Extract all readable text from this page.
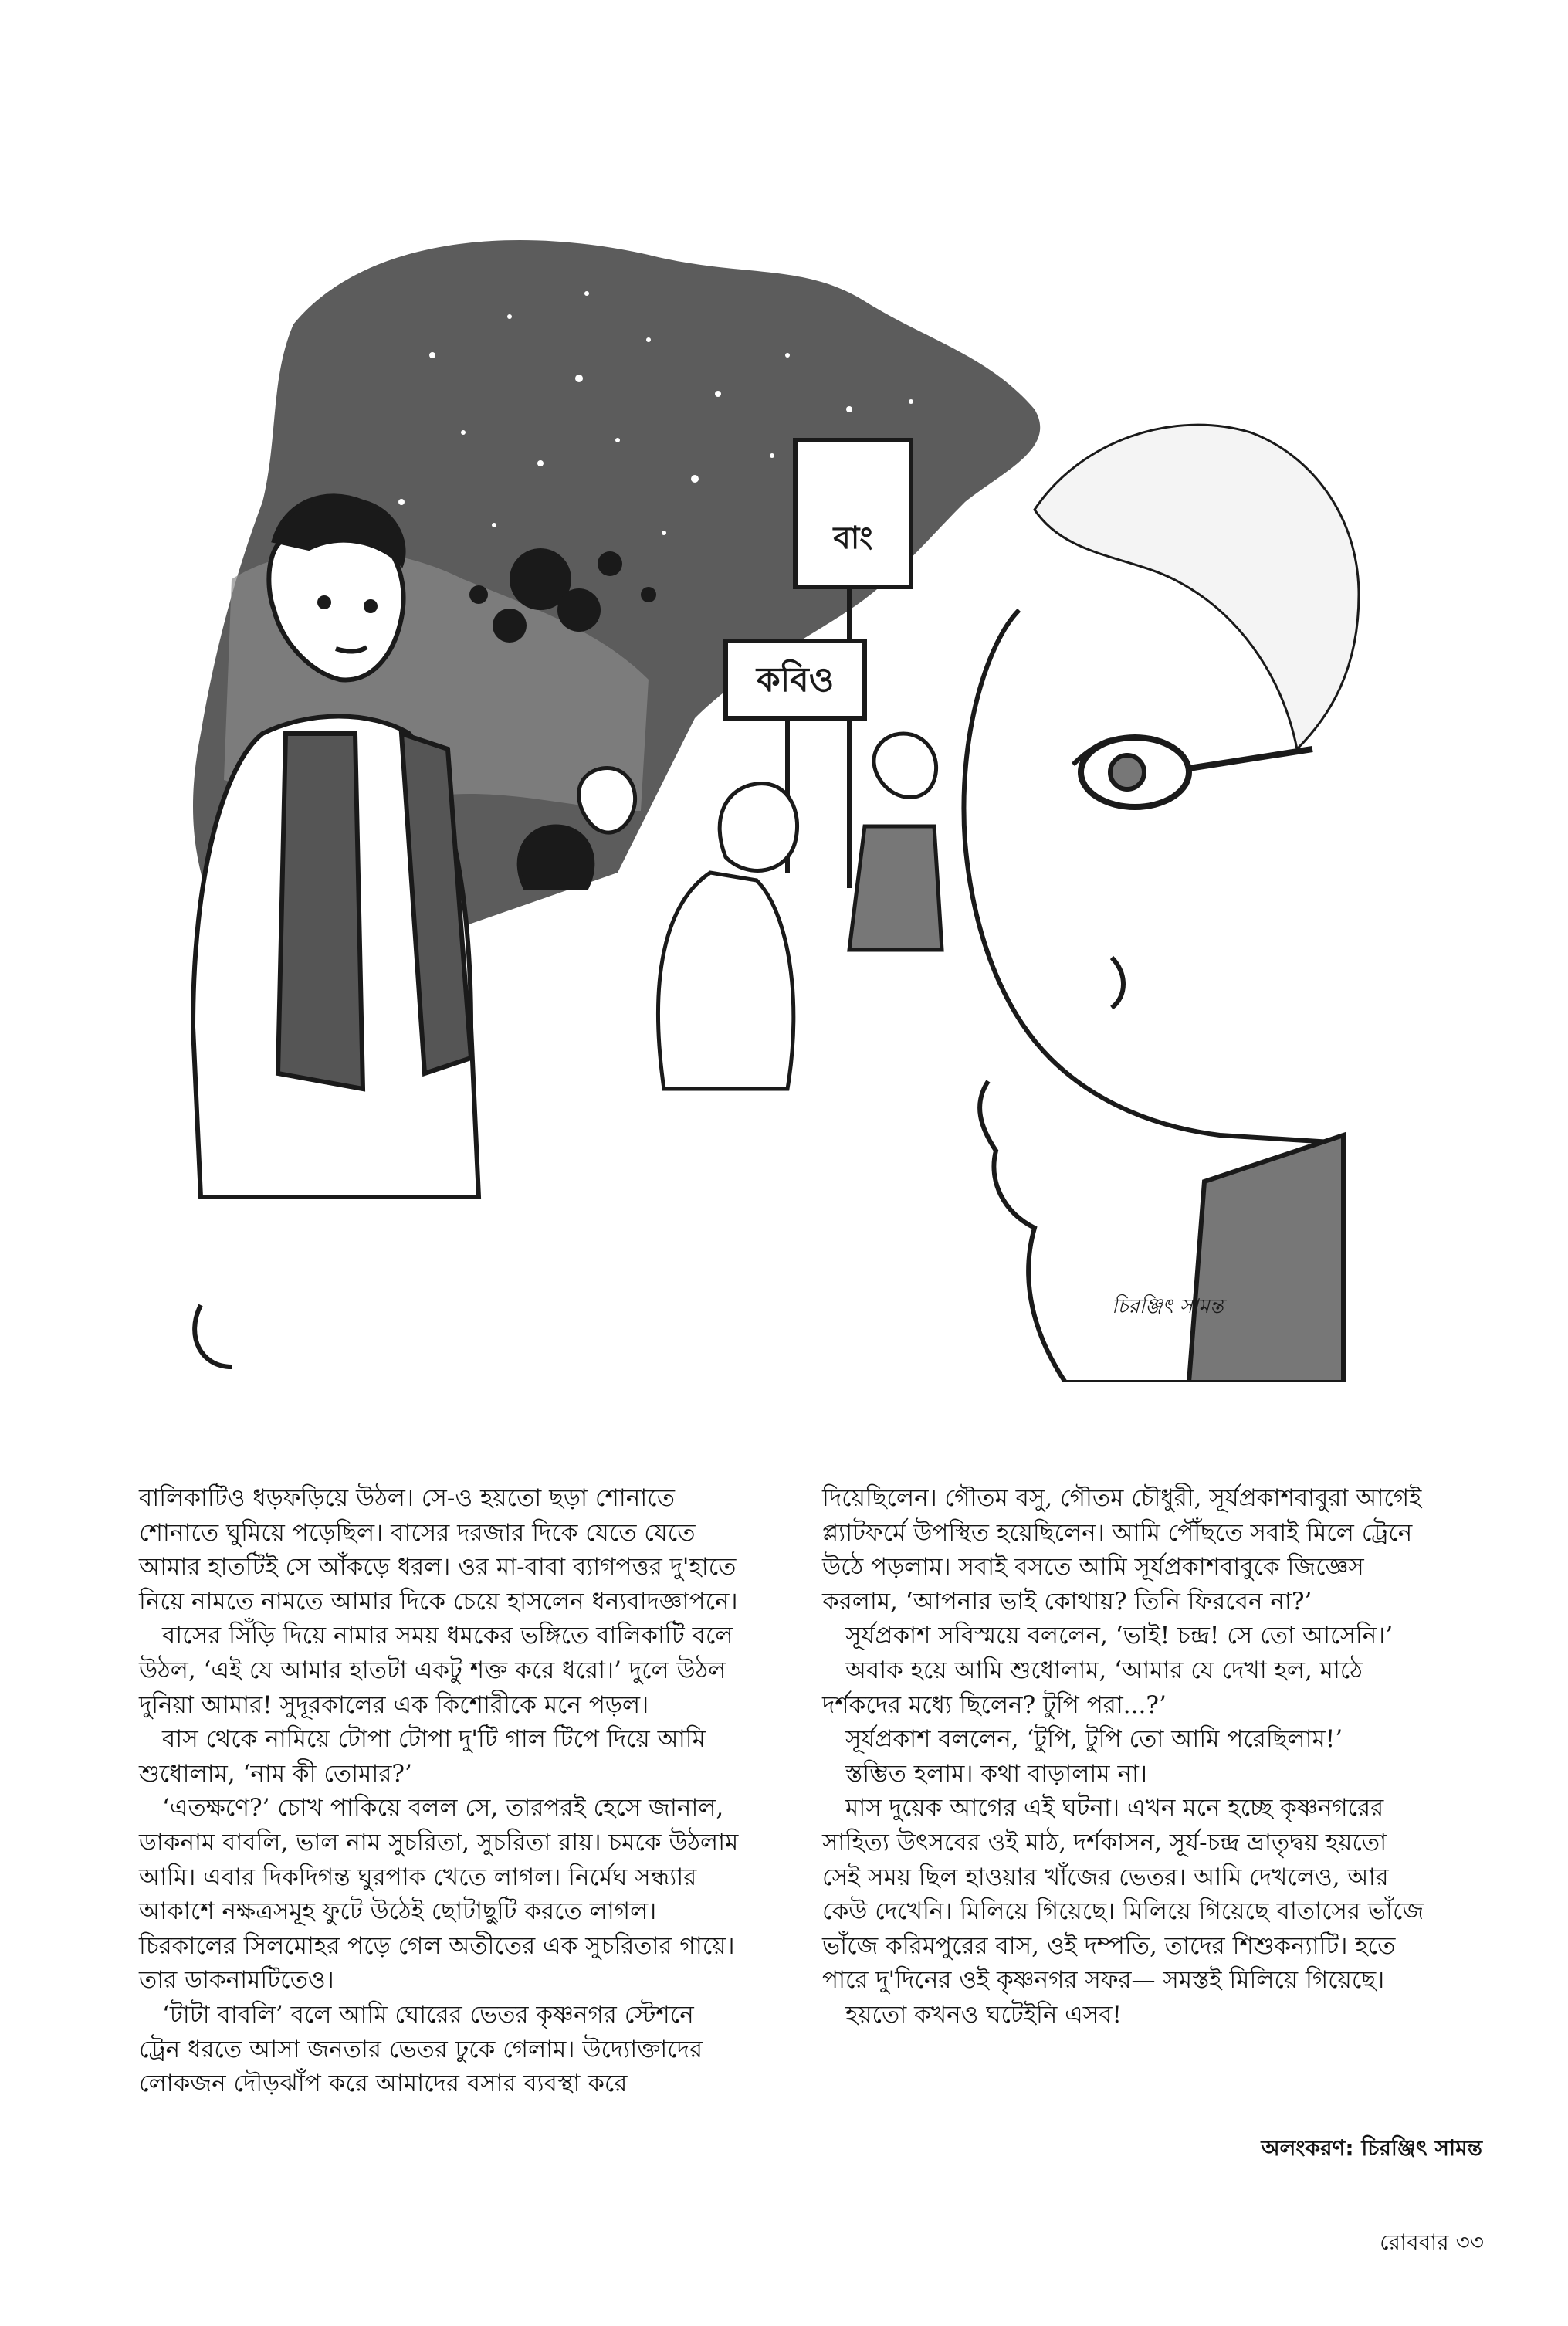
বাং
কবিও
চিরঞ্জিৎ সামন্ত

বালিকাটিও ধড়ফড়িয়ে উঠল। সে-ও হয়তো ছড়া শোনাতে শোনাতে ঘুমিয়ে পড়েছিল। বাসের দরজার দিকে যেতে যেতে আমার হাতটিই সে আঁকড়ে ধরল। ওর মা-বাবা ব্যাগপত্তর দু'হাতে নিয়ে নামতে নামতে আমার দিকে চেয়ে হাসলেন ধন্যবাদজ্ঞাপনে।

বাসের সিঁড়ি দিয়ে নামার সময় ধমকের ভঙ্গিতে বালিকাটি বলে উঠল, ‘এই যে আমার হাতটা একটু শক্ত করে ধরো।’ দুলে উঠল দুনিয়া আমার! সুদূরকালের এক কিশোরীকে মনে পড়ল।

বাস থেকে নামিয়ে টোপা টোপা দু'টি গাল টিপে দিয়ে আমি শুধোলাম, ‘নাম কী তোমার?’

‘এতক্ষণে?’ চোখ পাকিয়ে বলল সে, তারপরই হেসে জানাল, ডাকনাম বাবলি, ভাল নাম সুচরিতা, সুচরিতা রায়। চমকে উঠলাম আমি। এবার দিকদিগন্ত ঘুরপাক খেতে লাগল। নির্মেঘ সন্ধ্যার আকাশে নক্ষত্রসমূহ ফুটে উঠেই ছোটাছুটি করতে লাগল। চিরকালের সিলমোহর পড়ে গেল অতীতের এক সুচরিতার গায়ে। তার ডাকনামটিতেও।

‘টাটা বাবলি’ বলে আমি ঘোরের ভেতর কৃষ্ণনগর স্টেশনে ট্রেন ধরতে আসা জনতার ভেতর ঢুকে গেলাম। উদ্যোক্তাদের লোকজন দৌড়ঝাঁপ করে আমাদের বসার ব্যবস্থা করে

দিয়েছিলেন। গৌতম বসু, গৌতম চৌধুরী, সূর্যপ্রকাশবাবুরা আগেই প্ল্যাটফর্মে উপস্থিত হয়েছিলেন। আমি পৌঁছতে সবাই মিলে ট্রেনে উঠে পড়লাম। সবাই বসতে আমি সূর্যপ্রকাশবাবুকে জিজ্ঞেস করলাম, ‘আপনার ভাই কোথায়? তিনি ফিরবেন না?’

সূর্যপ্রকাশ সবিস্ময়ে বললেন, ‘ভাই! চন্দ্র! সে তো আসেনি।’

অবাক হয়ে আমি শুধোলাম, ‘আমার যে দেখা হল, মাঠে দর্শকদের মধ্যে ছিলেন? টুপি পরা...?’

সূর্যপ্রকাশ বললেন, ‘টুপি, টুপি তো আমি পরেছিলাম!’

স্তম্ভিত হলাম। কথা বাড়ালাম না।

মাস দুয়েক আগের এই ঘটনা। এখন মনে হচ্ছে কৃষ্ণনগরের সাহিত্য উৎসবের ওই মাঠ, দর্শকাসন, সূর্য-চন্দ্র ভ্রাতৃদ্বয় হয়তো সেই সময় ছিল হাওয়ার খাঁজের ভেতর। আমি দেখলেও, আর কেউ দেখেনি। মিলিয়ে গিয়েছে। মিলিয়ে গিয়েছে বাতাসের ভাঁজে ভাঁজে করিমপুরের বাস, ওই দম্পতি, তাদের শিশুকন্যাটি। হতে পারে দু'দিনের ওই কৃষ্ণনগর সফর— সমস্তই মিলিয়ে গিয়েছে।

হয়তো কখনও ঘটেইনি এসব!

অলংকরণ: চিরঞ্জিৎ সামন্ত
রোববার ৩৩
